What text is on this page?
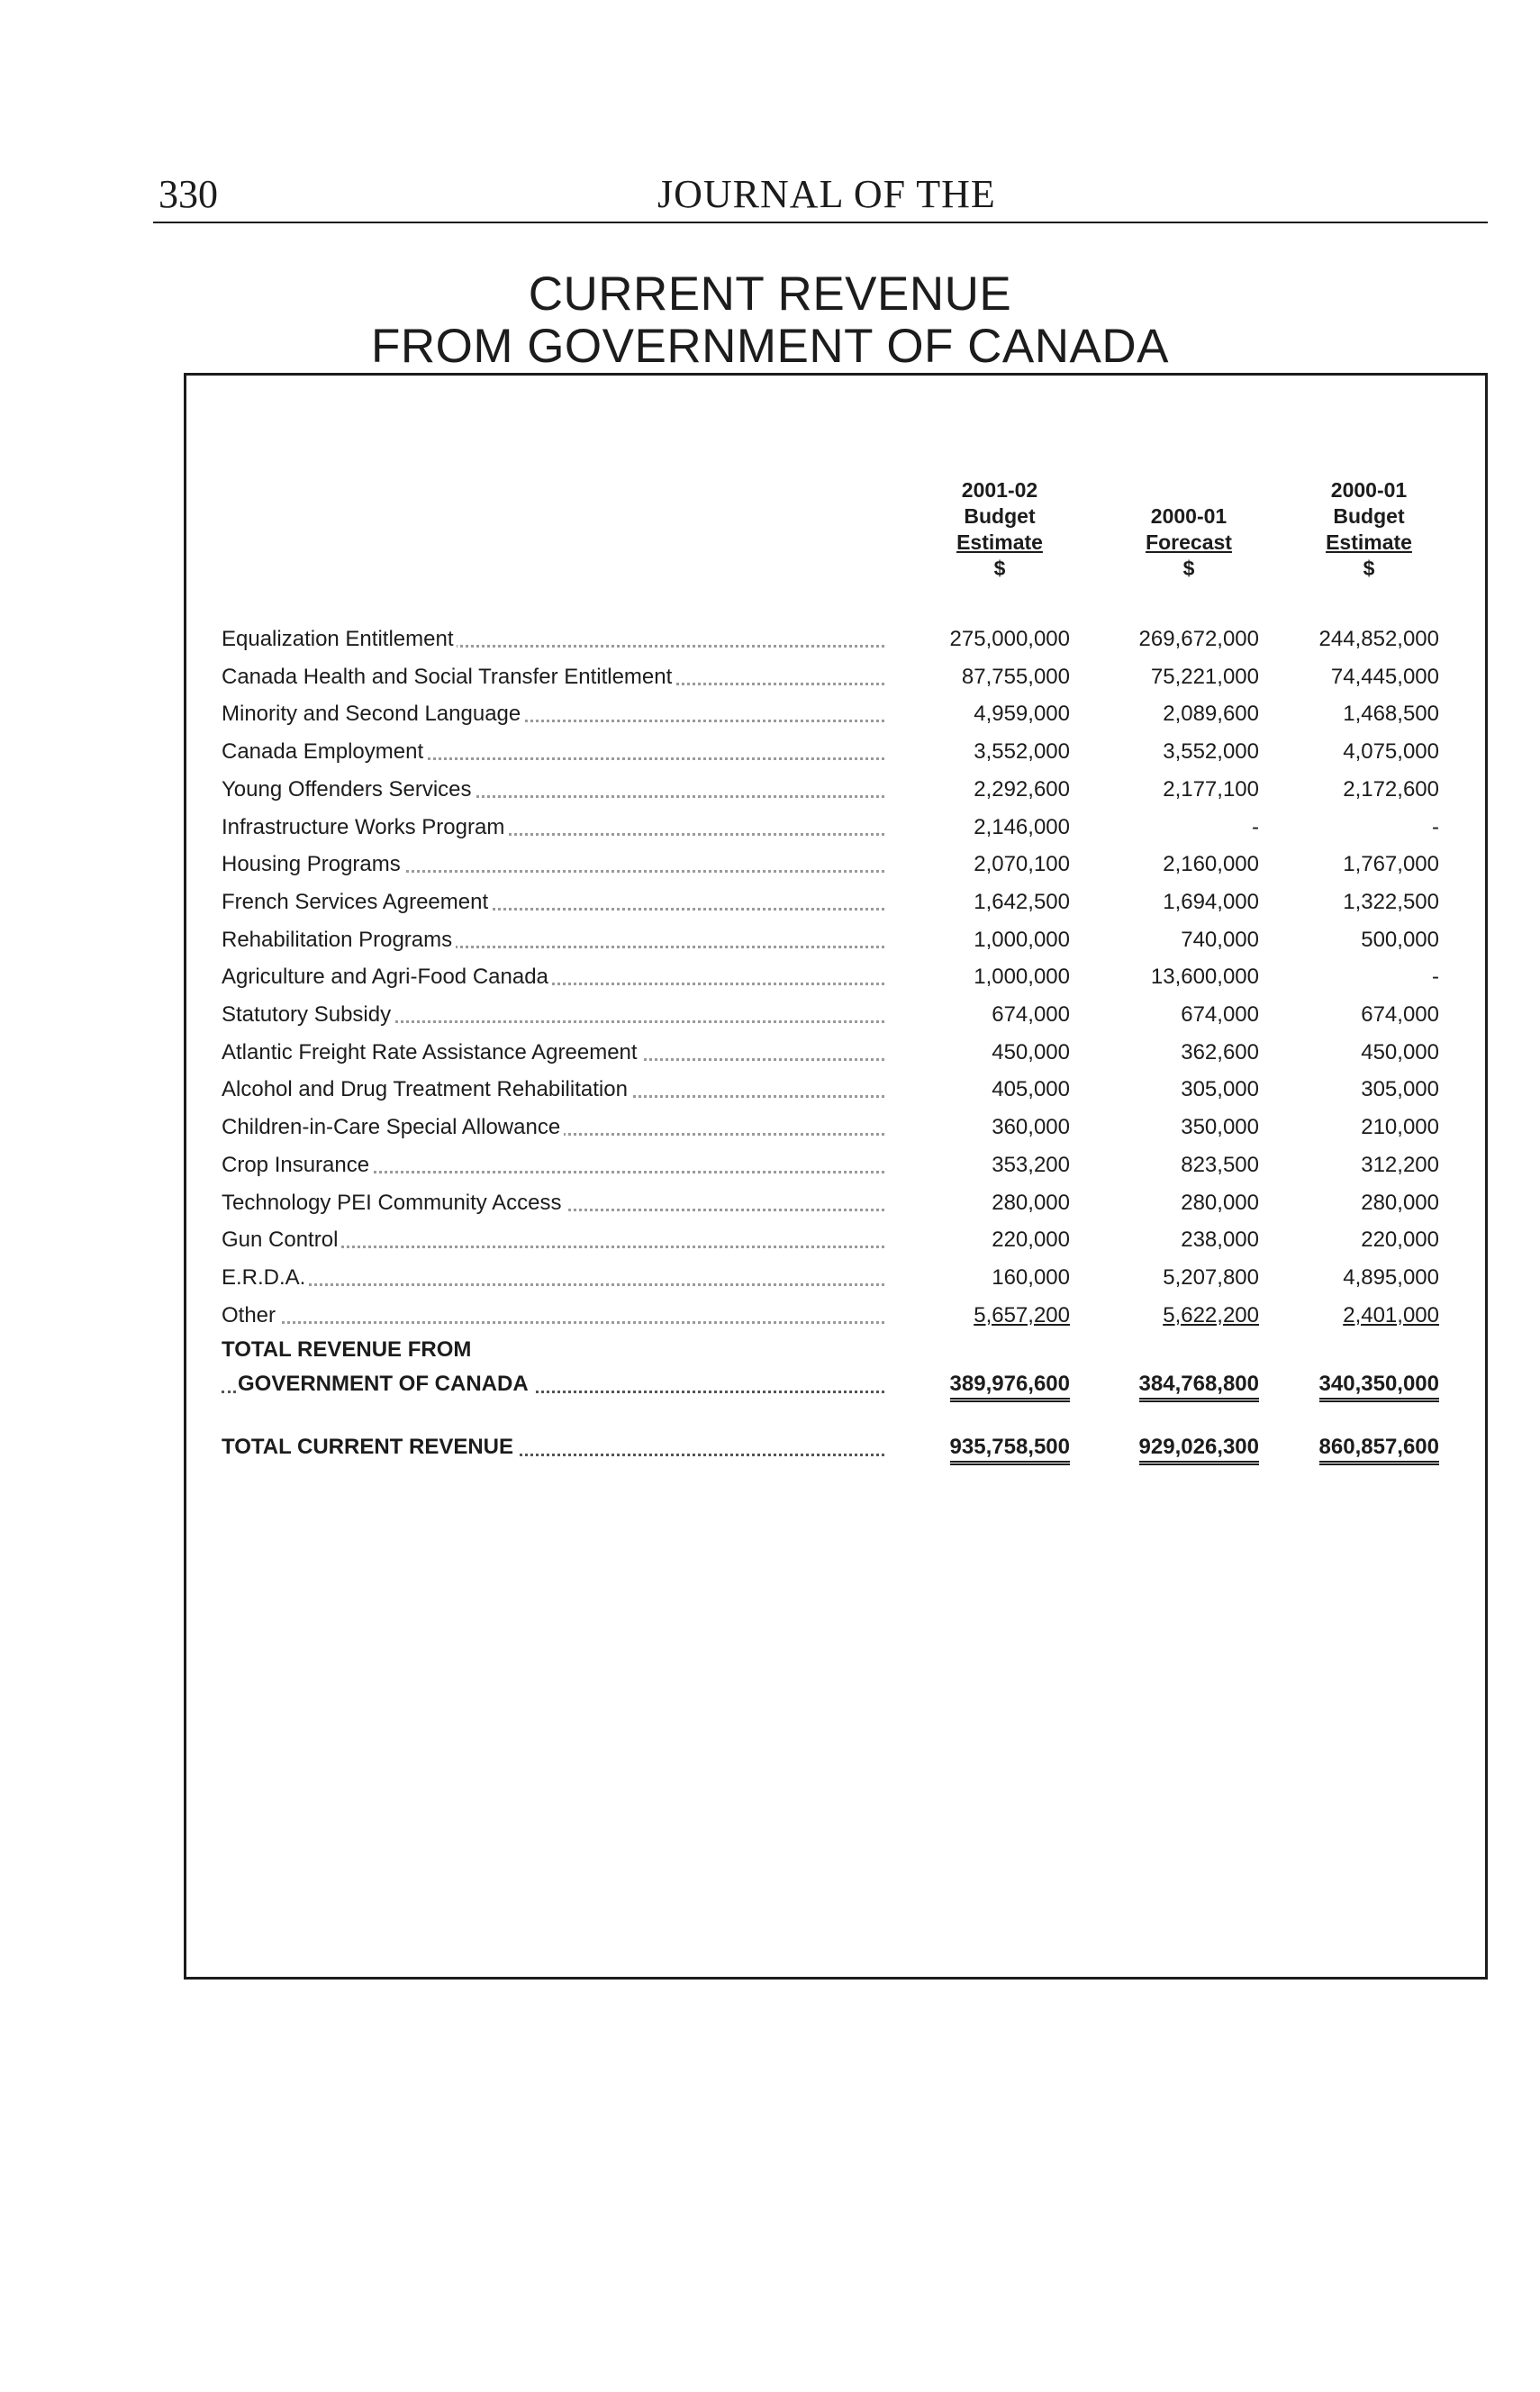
330	JOURNAL OF THE
CURRENT REVENUE
FROM GOVERNMENT OF CANADA
2001-02
Budget
Estimate
$
2000-01
Forecast
$
2000-01
Budget
Estimate
$
Equalization Entitlement	275,000,000	269,672,000	244,852,000
Canada Health and Social Transfer Entitlement	87,755,000	75,221,000	74,445,000
Minority and Second Language	4,959,000	2,089,600	1,468,500
Canada Employment	3,552,000	3,552,000	4,075,000
Young Offenders Services	2,292,600	2,177,100	2,172,600
Infrastructure Works Program	2,146,000	-	-
Housing Programs	2,070,100	2,160,000	1,767,000
French Services Agreement	1,642,500	1,694,000	1,322,500
Rehabilitation Programs	1,000,000	740,000	500,000
Agriculture and Agri-Food Canada	1,000,000	13,600,000	-
Statutory Subsidy	674,000	674,000	674,000
Atlantic Freight Rate Assistance Agreement	450,000	362,600	450,000
Alcohol and Drug Treatment Rehabilitation	405,000	305,000	305,000
Children-in-Care Special Allowance	360,000	350,000	210,000
Crop Insurance	353,200	823,500	312,200
Technology PEI Community Access	280,000	280,000	280,000
Gun Control	220,000	238,000	220,000
E.R.D.A.	160,000	5,207,800	4,895,000
Other	5,657,200	5,622,200	2,401,000
TOTAL REVENUE FROM
GOVERNMENT OF CANADA	389,976,600	384,768,800	340,350,000
TOTAL CURRENT REVENUE	935,758,500	929,026,300	860,857,600
